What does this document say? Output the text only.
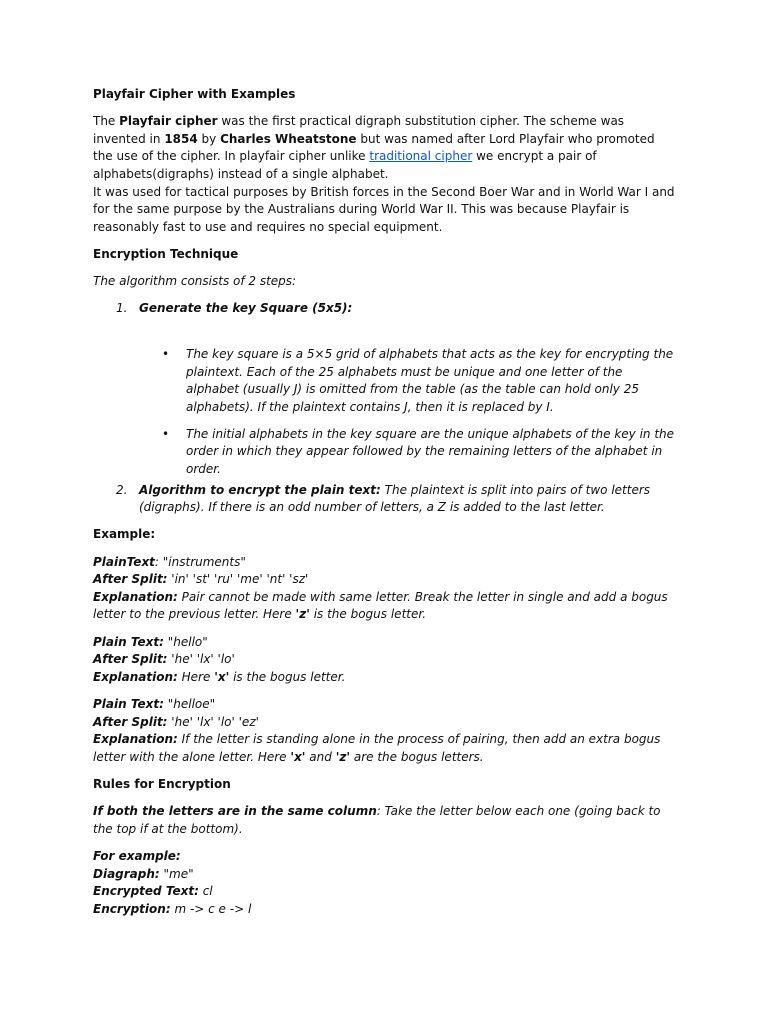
Playfair Cipher with Examples

The Playfair cipher was the first practical digraph substitution cipher. The scheme was invented in 1854 by Charles Wheatstone but was named after Lord Playfair who promoted the use of the cipher. In playfair cipher unlike traditional cipher we encrypt a pair of alphabets(digraphs) instead of a single alphabet.
It was used for tactical purposes by British forces in the Second Boer War and in World War I and for the same purpose by the Australians during World War II. This was because Playfair is reasonably fast to use and requires no special equipment.

Encryption Technique

The algorithm consists of 2 steps:

1. Generate the key Square (5x5):

• The key square is a 5×5 grid of alphabets that acts as the key for encrypting the plaintext. Each of the 25 alphabets must be unique and one letter of the alphabet (usually J) is omitted from the table (as the table can hold only 25 alphabets). If the plaintext contains J, then it is replaced by I.

• The initial alphabets in the key square are the unique alphabets of the key in the order in which they appear followed by the remaining letters of the alphabet in order.

2. Algorithm to encrypt the plain text: The plaintext is split into pairs of two letters (digraphs). If there is an odd number of letters, a Z is added to the last letter.

Example:

PlainText: "instruments"
After Split: 'in' 'st' 'ru' 'me' 'nt' 'sz'
Explanation: Pair cannot be made with same letter. Break the letter in single and add a bogus letter to the previous letter. Here 'z' is the bogus letter.

Plain Text: "hello"
After Split: 'he' 'lx' 'lo'
Explanation: Here 'x' is the bogus letter.

Plain Text: "helloe"
After Split: 'he' 'lx' 'lo' 'ez'
Explanation: If the letter is standing alone in the process of pairing, then add an extra bogus letter with the alone letter. Here 'x' and 'z' are the bogus letters.

Rules for Encryption

If both the letters are in the same column: Take the letter below each one (going back to the top if at the bottom).

For example:
Diagraph: "me"
Encrypted Text: cl
Encryption: m -> c e -> l
